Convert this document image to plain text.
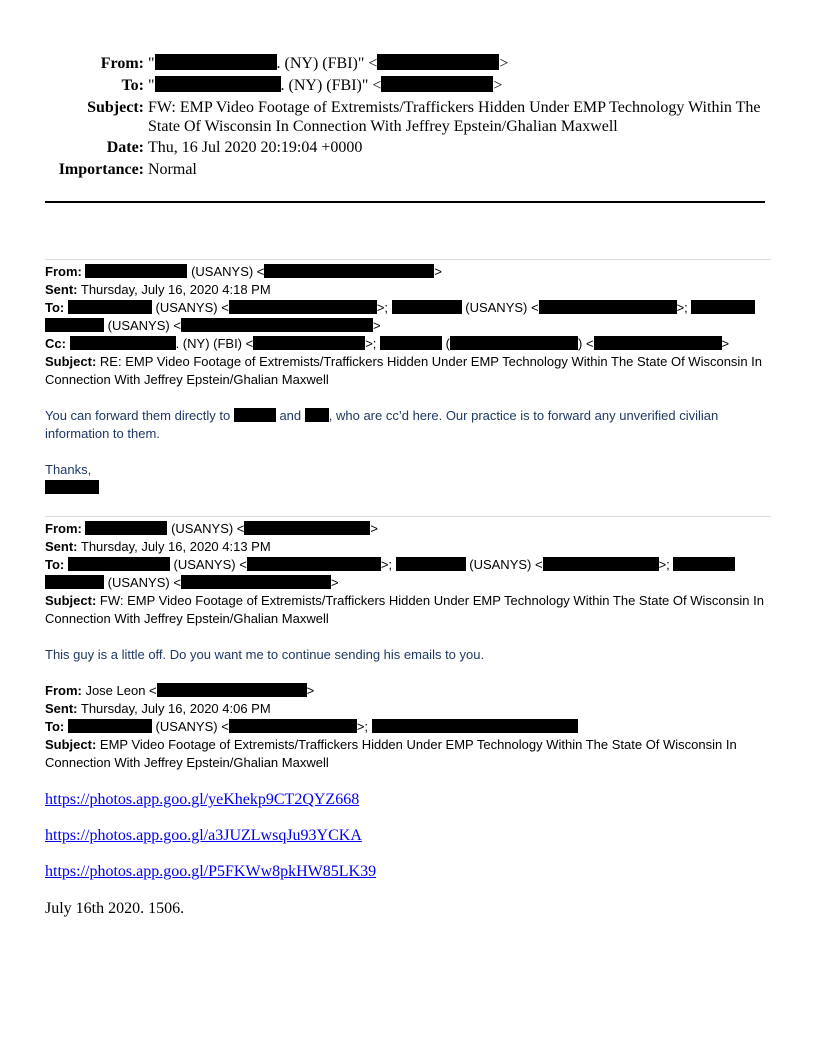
From: "	. (NY) (FBI)" <	>
To: "	. (NY) (FBI)" <	>
Subject: FW: EMP Video Footage of Extremists/Traffickers Hidden Under EMP Technology Within The State Of Wisconsin In Connection With Jeffrey Epstein/Ghalian Maxwell
Date: Thu, 16 Jul 2020 20:19:04 +0000
Importance: Normal
From:	(USANYS) <	>
Sent: Thursday, July 16, 2020 4:18 PM
To:	(USANYS) <	>;	(USANYS) <	>;
(USANYS) <	>
Cc:	. (NY) (FBI) <	>;	(	) <	>
Subject: RE: EMP Video Footage of Extremists/Traffickers Hidden Under EMP Technology Within The State Of Wisconsin In Connection With Jeffrey Epstein/Ghalian Maxwell
You can forward them directly to	and , who are cc’d here. Our practice is to forward any unverified civilian information to them.
Thanks,
From:	(USANYS) <	>
Sent: Thursday, July 16, 2020 4:13 PM
To:	(USANYS) <	>;	(USANYS) <	>;
(USANYS) <	>
Subject: FW: EMP Video Footage of Extremists/Traffickers Hidden Under EMP Technology Within The State Of Wisconsin In Connection With Jeffrey Epstein/Ghalian Maxwell
This guy is a little off. Do you want me to continue sending his emails to you.
From: Jose Leon <	>
Sent: Thursday, July 16, 2020 4:06 PM
To:	(USANYS) <	>;
Subject: EMP Video Footage of Extremists/Traffickers Hidden Under EMP Technology Within The State Of Wisconsin In Connection With Jeffrey Epstein/Ghalian Maxwell
https://photos.app.goo.gl/yeKhekp9CT2QYZ668
https://photos.app.goo.gl/a3JUZLwsqJu93YCKA
https://photos.app.goo.gl/P5FKWw8pkHW85LK39
July 16th 2020. 1506.
